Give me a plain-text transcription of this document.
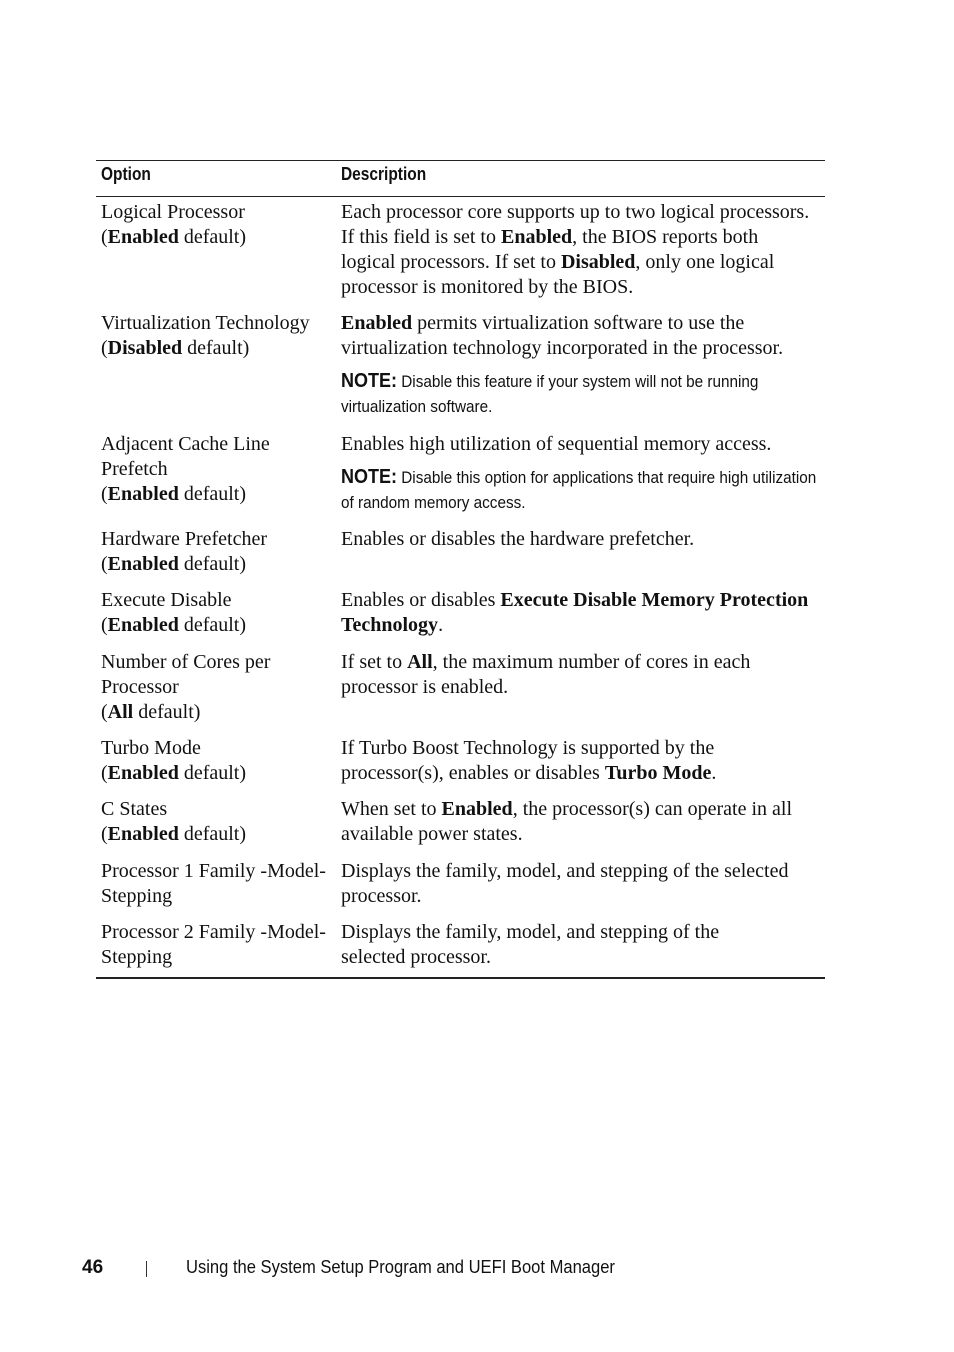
Option	Description
Logical Processor
(Enabled default)
Each processor core supports up to two logical processors. If this field is set to Enabled, the BIOS reports both logical processors. If set to Disabled, only one logical processor is monitored by the BIOS.
Virtualization Technology
(Disabled default)
Enabled permits virtualization software to use the virtualization technology incorporated in the processor.
NOTE: Disable this feature if your system will not be running virtualization software.
Adjacent Cache Line Prefetch
(Enabled default)
Enables high utilization of sequential memory access.
NOTE: Disable this option for applications that require high utilization of random memory access.
Hardware Prefetcher
(Enabled default)
Enables or disables the hardware prefetcher.
Execute Disable
(Enabled default)
Enables or disables Execute Disable Memory Protection Technology.
Number of Cores per Processor
(All default)
If set to All, the maximum number of cores in each processor is enabled.
Turbo Mode
(Enabled default)
If Turbo Boost Technology is supported by the processor(s), enables or disables Turbo Mode.
C States
(Enabled default)
When set to Enabled, the processor(s) can operate in all available power states.
Processor 1 Family -Model-Stepping
Displays the family, model, and stepping of the selected processor.
Processor 2 Family -Model-Stepping
Displays the family, model, and stepping of the selected processor.
46	Using the System Setup Program and UEFI Boot Manager
